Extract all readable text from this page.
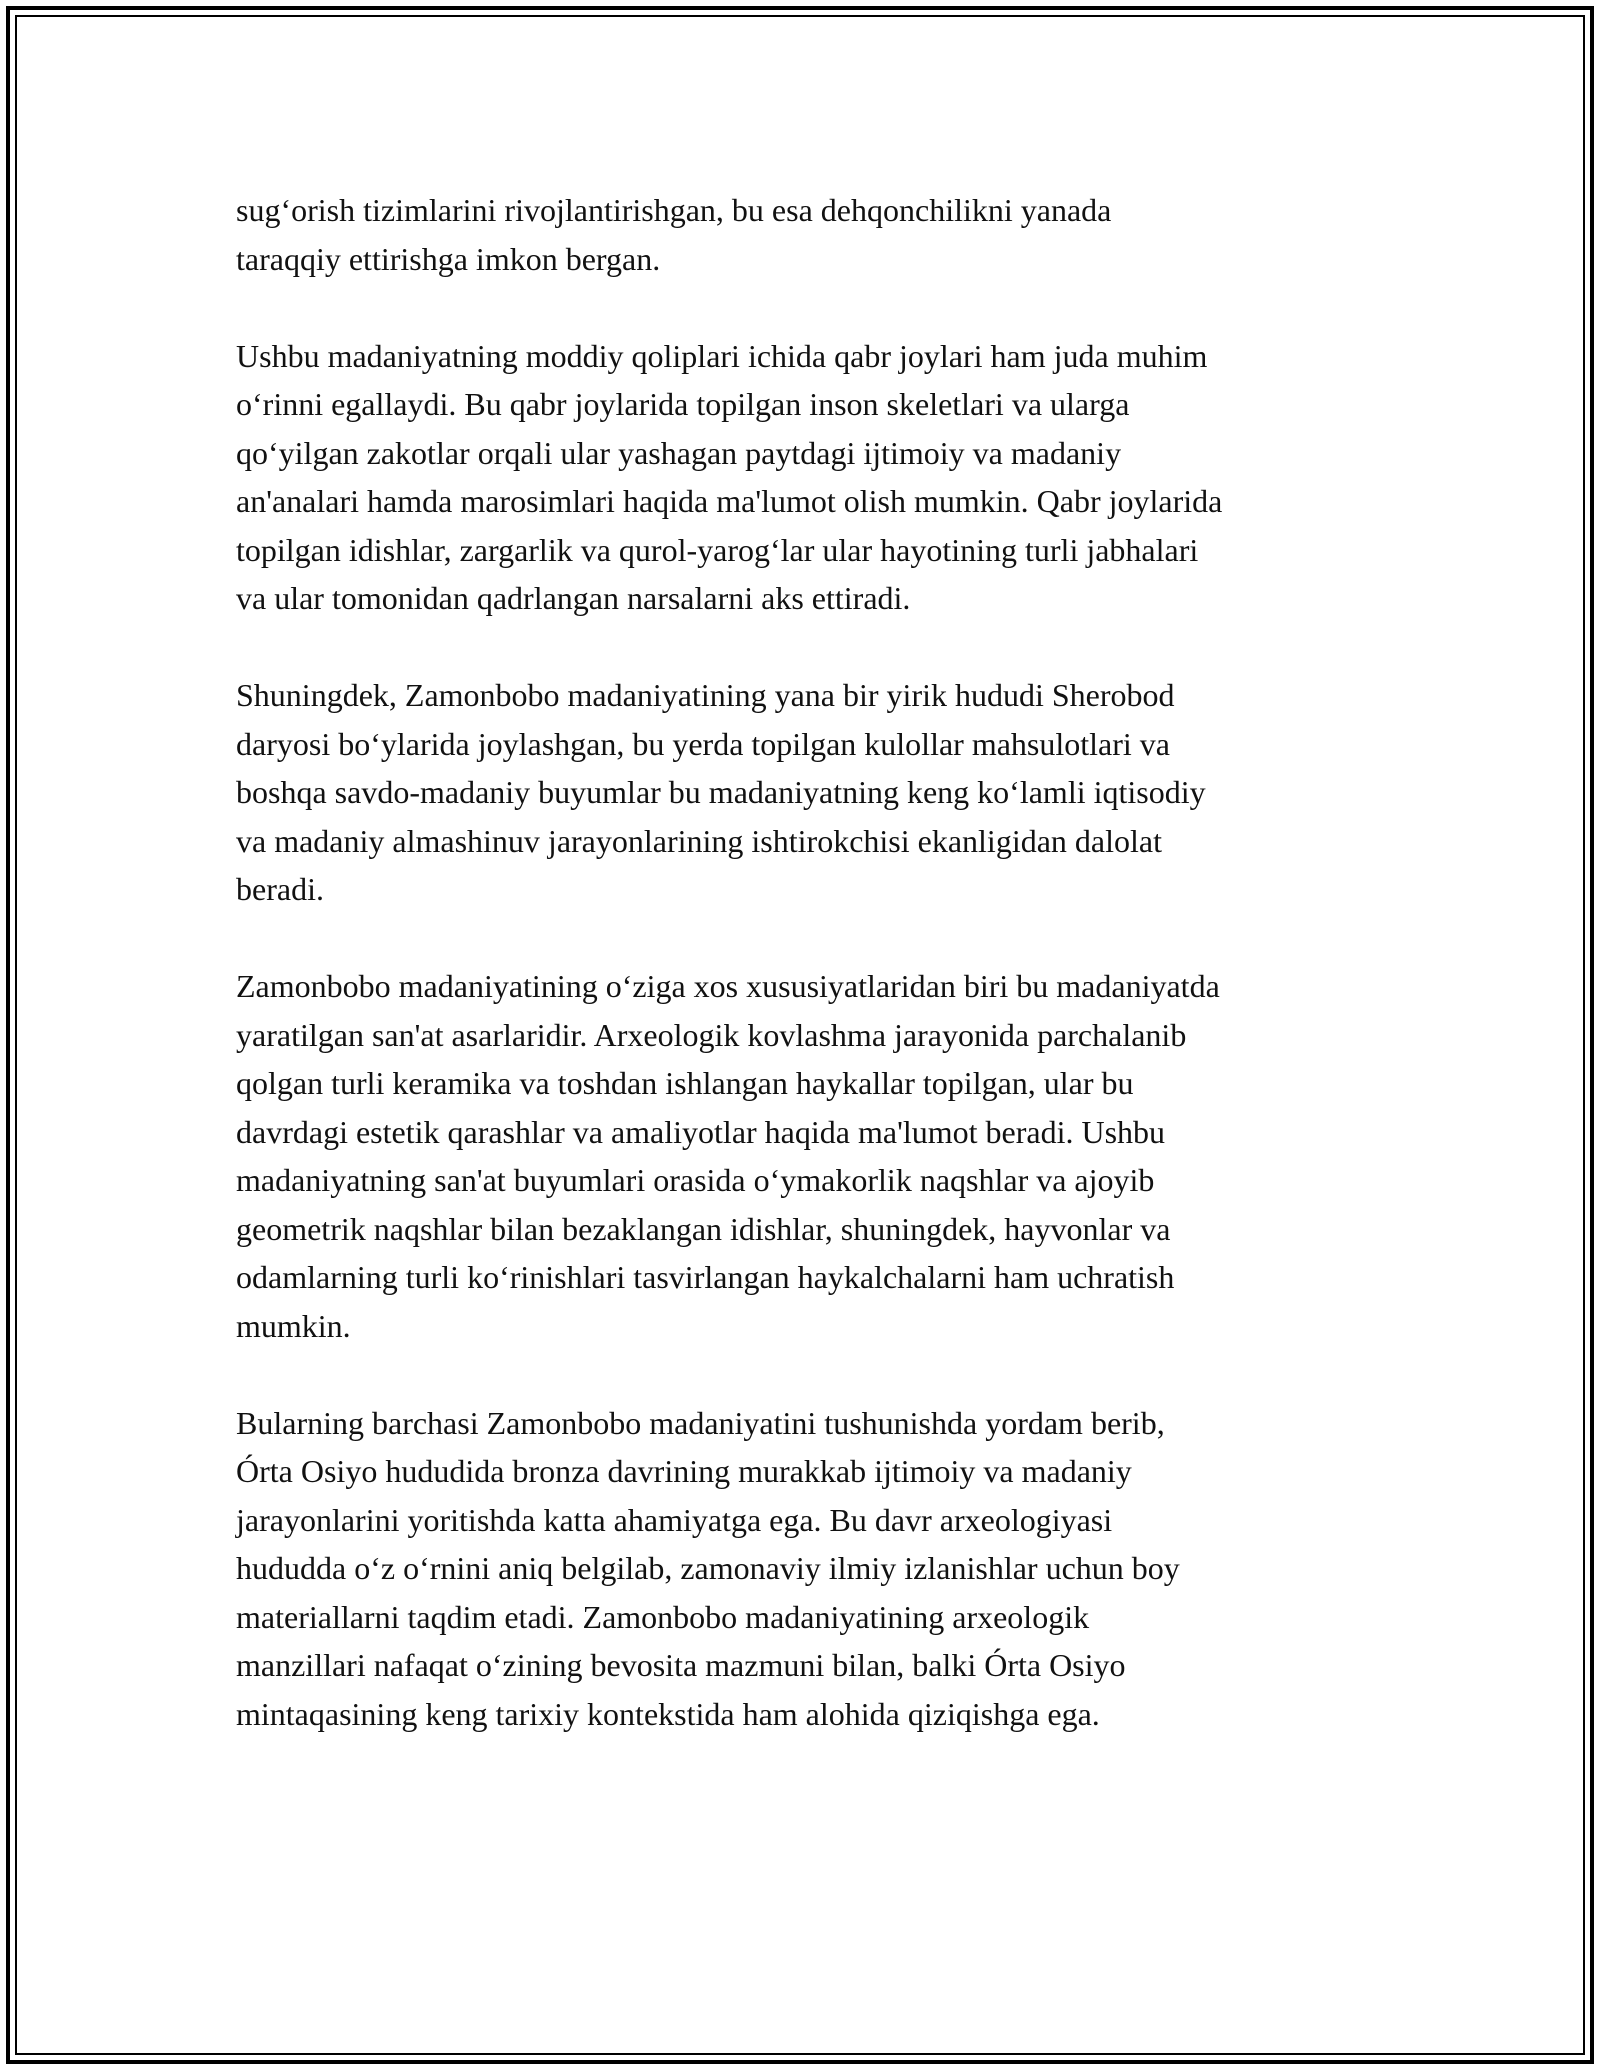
sug‘orish tizimlarini rivojlantirishgan, bu esa dehqonchilikni yanada
taraqqiy ettirishga imkon bergan.

Ushbu madaniyatning moddiy qoliplari ichida qabr joylari ham juda muhim
o‘rinni egallaydi. Bu qabr joylarida topilgan inson skeletlari va ularga
qo‘yilgan zakotlar orqali ular yashagan paytdagi ijtimoiy va madaniy
an'analari hamda marosimlari haqida ma'lumot olish mumkin. Qabr joylarida
topilgan idishlar, zargarlik va qurol-yarog‘lar ular hayotining turli jabhalari
va ular tomonidan qadrlangan narsalarni aks ettiradi.

Shuningdek, Zamonbobo madaniyatining yana bir yirik hududi Sherobod
daryosi bo‘ylarida joylashgan, bu yerda topilgan kulollar mahsulotlari va
boshqa savdo-madaniy buyumlar bu madaniyatning keng ko‘lamli iqtisodiy
va madaniy almashinuv jarayonlarining ishtirokchisi ekanligidan dalolat
beradi.

Zamonbobo madaniyatining o‘ziga xos xususiyatlaridan biri bu madaniyatda
yaratilgan san'at asarlaridir. Arxeologik kovlashma jarayonida parchalanib
qolgan turli keramika va toshdan ishlangan haykallar topilgan, ular bu
davrdagi estetik qarashlar va amaliyotlar haqida ma'lumot beradi. Ushbu
madaniyatning san'at buyumlari orasida o‘ymakorlik naqshlar va ajoyib
geometrik naqshlar bilan bezaklangan idishlar, shuningdek, hayvonlar va
odamlarning turli ko‘rinishlari tasvirlangan haykalchalarni ham uchratish
mumkin.

Bularning barchasi Zamonbobo madaniyatini tushunishda yordam berib,
Órta Osiyo hududida bronza davrining murakkab ijtimoiy va madaniy
jarayonlarini yoritishda katta ahamiyatga ega. Bu davr arxeologiyasi
hududda o‘z o‘rnini aniq belgilab, zamonaviy ilmiy izlanishlar uchun boy
materiallarni taqdim etadi. Zamonbobo madaniyatining arxeologik
manzillari nafaqat o‘zining bevosita mazmuni bilan, balki Órta Osiyo
mintaqasining keng tarixiy kontekstida ham alohida qiziqishga ega.
